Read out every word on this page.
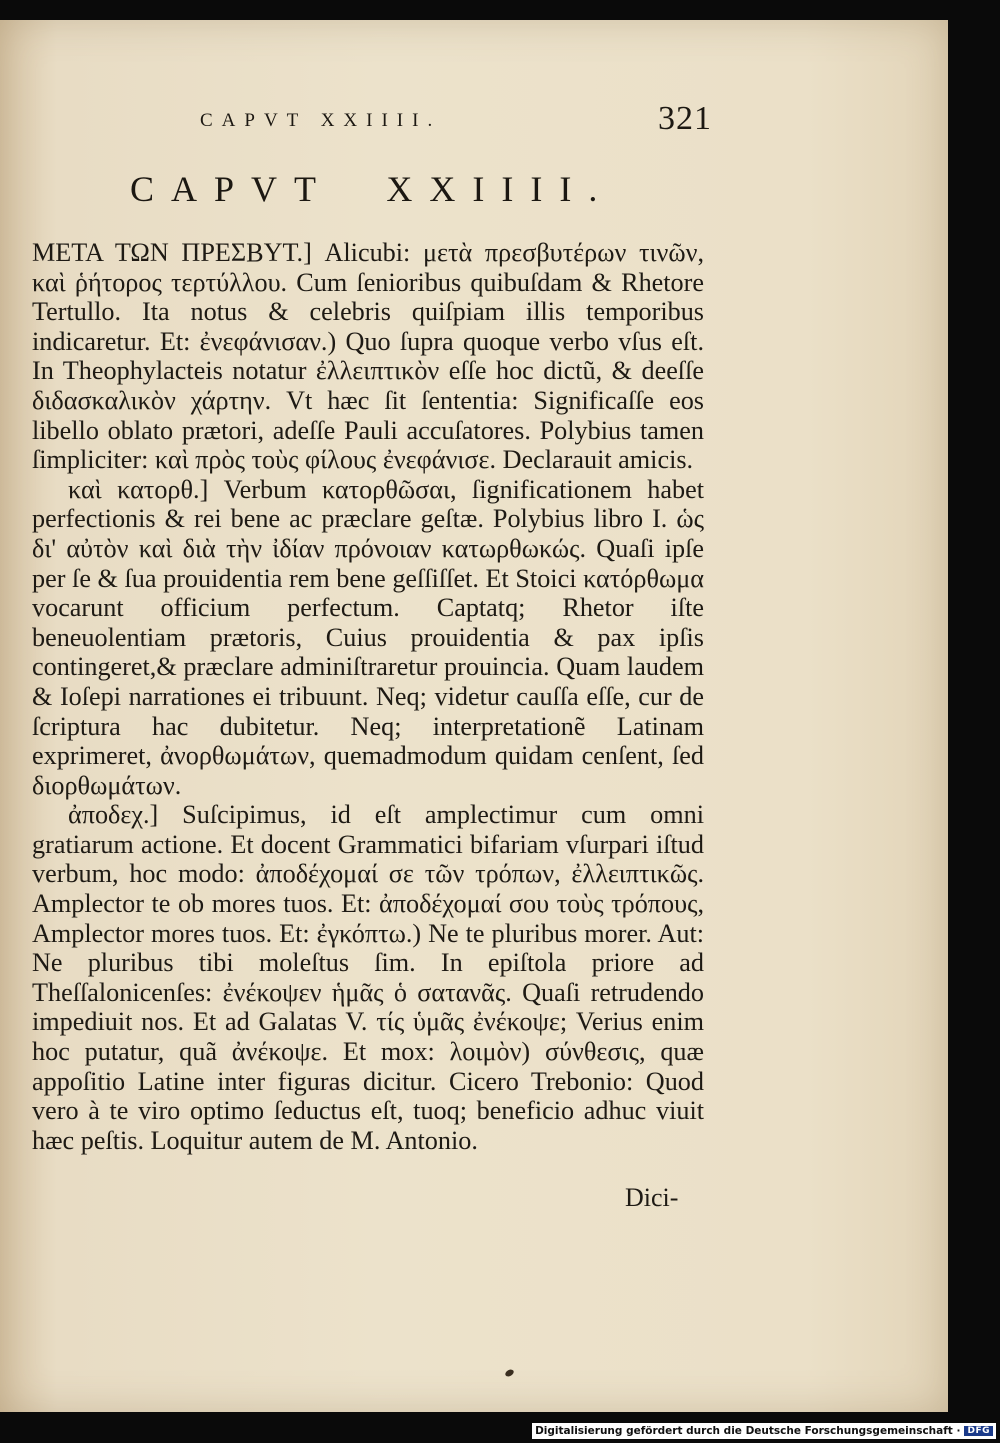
CAPVT XXIIII.	321
CAPVT XXIIII.

ΜΕΤΑ ΤΩΝ ΠΡΕΣΒΥΤ.] Alicubi: μετὰ πρεσβυτέρων τινῶν, καὶ ῥήτορος τερτύλλου. Cum ſenioribus quibuſdam & Rhetore Tertullo. Ita notus & celebris quiſpiam illis temporibus indicaretur. Et: ἐνεφάνισαν.) Quo ſupra quoque verbo vſus eſt. In Theophylacteis notatur ἐλλειπτικὸν eſſe hoc dictũ, & deeſſe διδασκαλικὸν χάρτην. Vt hæc ſit ſententia: Significaſſe eos libello oblato prætori, adeſſe Pauli accuſatores. Polybius tamen ſimpliciter: καὶ πρὸς τοὺς φίλους ἐνεφάνισε. Declarauit amicis.

καὶ κατορθ.] Verbum κατορθῶσαι, ſignificationem habet perfectionis & rei bene ac præclare geſtæ. Polybius libro I. ὡς δι' αὐτὸν καὶ διὰ τὴν ἰδίαν πρόνοιαν κατωρθωκώς. Quaſi ipſe per ſe & ſua prouidentia rem bene geſſiſſet. Et Stoici κατόρθωμα vocarunt officium perfectum. Captatq; Rhetor iſte beneuolentiam prætoris, Cuius prouidentia & pax ipſis contingeret,& præclare adminiſtraretur prouincia. Quam laudem & Ioſepi narrationes ei tribuunt. Neq; videtur cauſſa eſſe, cur de ſcriptura hac dubitetur. Neq; interpretationẽ Latinam exprimeret, ἀνορθωμάτων, quemadmodum quidam cenſent, ſed διορθωμάτων.

ἀποδεχ.] Suſcipimus, id eſt amplectimur cum omni gratiarum actione. Et docent Grammatici bifariam vſurpari iſtud verbum, hoc modo: ἀποδέχομαί σε τῶν τρόπων, ἐλλειπτικῶς. Amplector te ob mores tuos. Et: ἀποδέχομαί σου τοὺς τρόπους, Amplector mores tuos. Et: ἐγκόπτω.) Ne te pluribus morer. Aut: Ne pluribus tibi moleſtus ſim. In epiſtola priore ad Theſſalonicenſes: ἐνέκοψεν ἡμᾶς ὁ σατανᾶς. Quaſi retrudendo impediuit nos. Et ad Galatas V. τίς ὑμᾶς ἐνέκοψε; Verius enim hoc putatur, quã ἀνέκοψε. Et mox: λοιμὸν) σύνθεσις, quæ appoſitio Latine inter figuras dicitur. Cicero Trebonio: Quod vero à te viro optimo ſeductus eſt, tuoq; beneficio adhuc viuit hæc peſtis. Loquitur autem de M. Antonio.

Dici-
Digitalisierung gefördert durch die Deutsche Forschungsgemeinschaft · DFG
